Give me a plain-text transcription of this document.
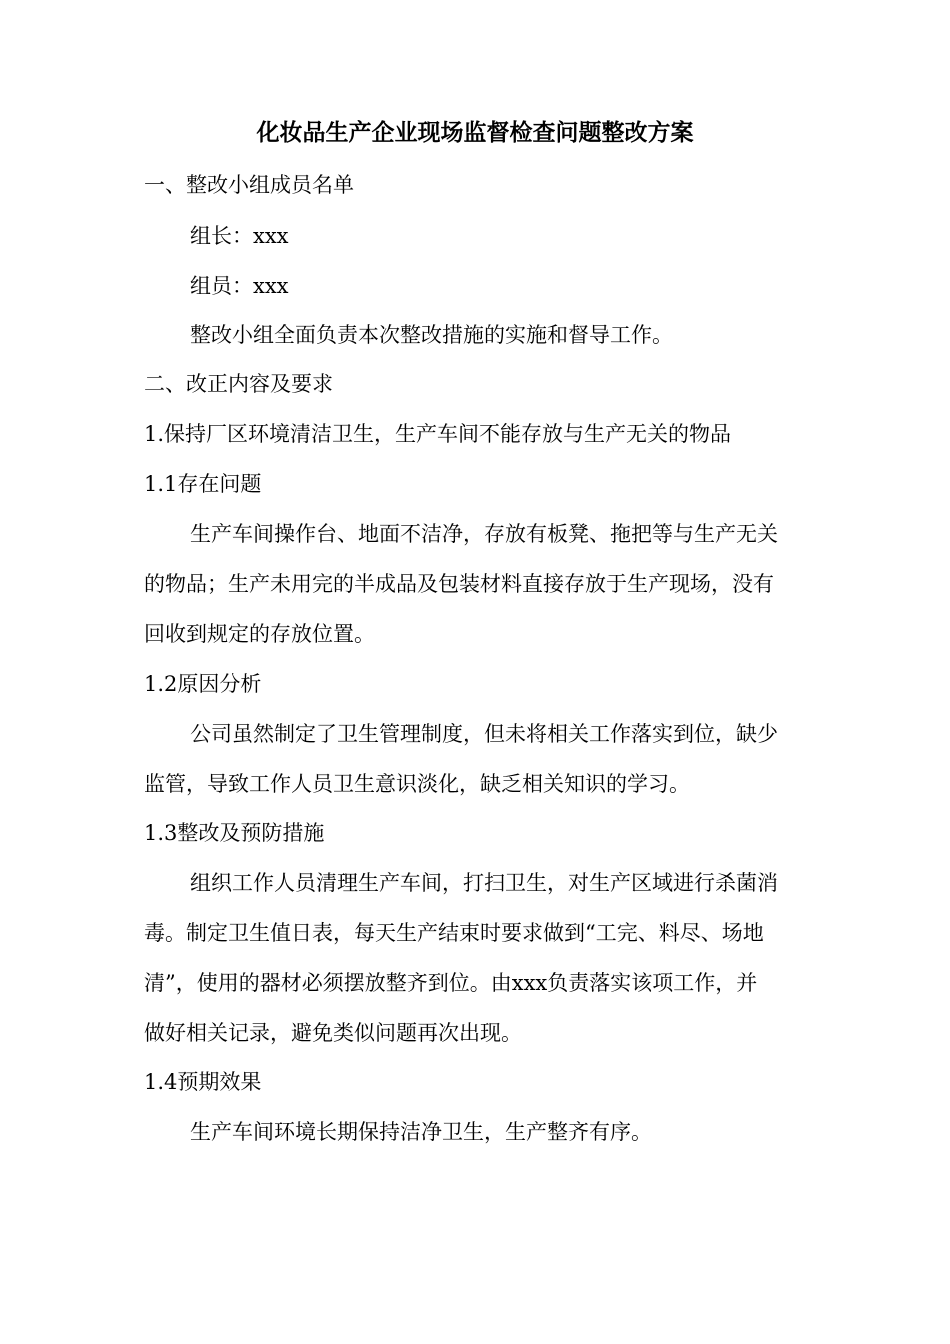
化妆品生产企业现场监督检查问题整改方案
一、整改小组成员名单
组长：xxx
组员：xxx
整改小组全面负责本次整改措施的实施和督导工作。
二、改正内容及要求
1.保持厂区环境清洁卫生，生产车间不能存放与生产无关的物品
1.1存在问题
生产车间操作台、地面不洁净，存放有板凳、拖把等与生产无关
的物品；生产未用完的半成品及包装材料直接存放于生产现场，没有
回收到规定的存放位置。
1.2原因分析
公司虽然制定了卫生管理制度，但未将相关工作落实到位，缺少
监管，导致工作人员卫生意识淡化，缺乏相关知识的学习。
1.3整改及预防措施
组织工作人员清理生产车间，打扫卫生，对生产区域进行杀菌消
毒。制定卫生值日表，每天生产结束时要求做到“工完、料尽、场地
清”，使用的器材必须摆放整齐到位。由xxx负责落实该项工作，并
做好相关记录，避免类似问题再次出现。
1.4预期效果
生产车间环境长期保持洁净卫生，生产整齐有序。
